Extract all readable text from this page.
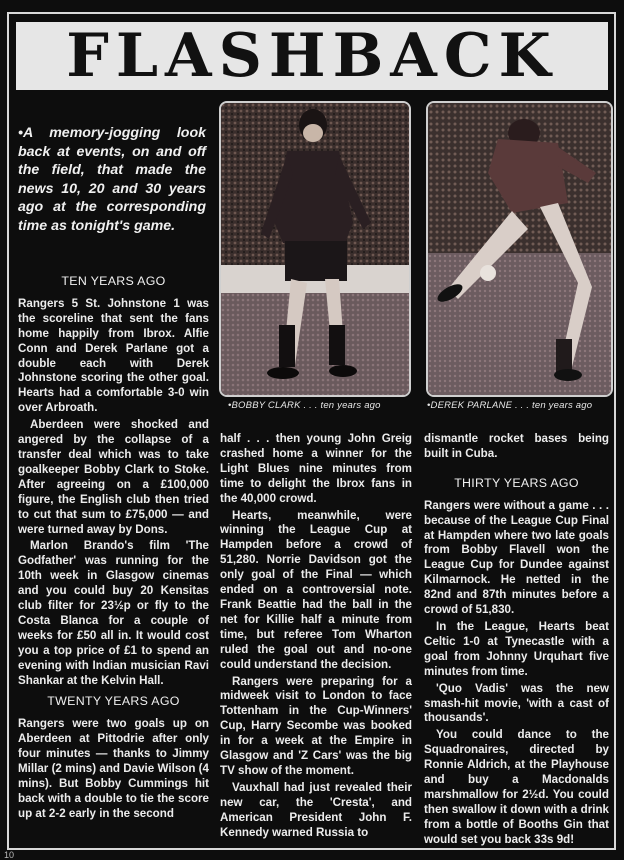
FLASHBACK
•BOBBY CLARK . . . ten years ago	•DEREK PARLANE . . . ten years ago
•A memory-jogging look back at events, on and off the field, that made the news 10, 20 and 30 years ago at the corresponding time as tonight's game.
TEN YEARS AGO

Rangers 5 St. Johnstone 1 was the scoreline that sent the fans home happily from Ibrox. Alfie Conn and Derek Parlane got a double each with Derek Johnstone scoring the other goal. Hearts had a comfortable 3-0 win over Arbroath.

Aberdeen were shocked and angered by the collapse of a transfer deal which was to take goalkeeper Bobby Clark to Stoke. After agreeing on a £100,000 figure, the English club then tried to cut that sum to £75,000 — and were turned away by Dons.

Marlon Brando's film 'The Godfather' was running for the 10th week in Glasgow cinemas and you could buy 20 Kensitas club filter for 23½p or fly to the Costa Blanca for a couple of weeks for £50 all in. It would cost you a top price of £1 to spend an evening with Indian musician Ravi Shankar at the Kelvin Hall.

TWENTY YEARS AGO

Rangers were two goals up on Aberdeen at Pittodrie after only four minutes — thanks to Jimmy Millar (2 mins) and Davie Wilson (4 mins). But Bobby Cummings hit back with a double to tie the score up at 2-2 early in the second

half . . . then young John Greig crashed home a winner for the Light Blues nine minutes from time to delight the Ibrox fans in the 40,000 crowd.

Hearts, meanwhile, were winning the League Cup at Hampden before a crowd of 51,280. Norrie Davidson got the only goal of the Final — which ended on a controversial note. Frank Beattie had the ball in the net for Killie half a minute from time, but referee Tom Wharton ruled the goal out and no-one could understand the decision.

Rangers were preparing for a midweek visit to London to face Tottenham in the Cup-Winners' Cup, Harry Secombe was booked in for a week at the Empire in Glasgow and 'Z Cars' was the big TV show of the moment.

Vauxhall had just revealed their new car, the 'Cresta', and American President John F. Kennedy warned Russia to

dismantle rocket bases being built in Cuba.

THIRTY YEARS AGO

Rangers were without a game . . . because of the League Cup Final at Hampden where two late goals from Bobby Flavell won the League Cup for Dundee against Kilmarnock. He netted in the 82nd and 87th minutes before a crowd of 51,830.

In the League, Hearts beat Celtic 1-0 at Tynecastle with a goal from Johnny Urquhart five minutes from time.

'Quo Vadis' was the new smash-hit movie, 'with a cast of thousands'.

You could dance to the Squadronaires, directed by Ronnie Aldrich, at the Playhouse and buy a Macdonalds marshmallow for 2½d. You could then swallow it down with a drink from a bottle of Booths Gin that would set you back 33s 9d!

10
